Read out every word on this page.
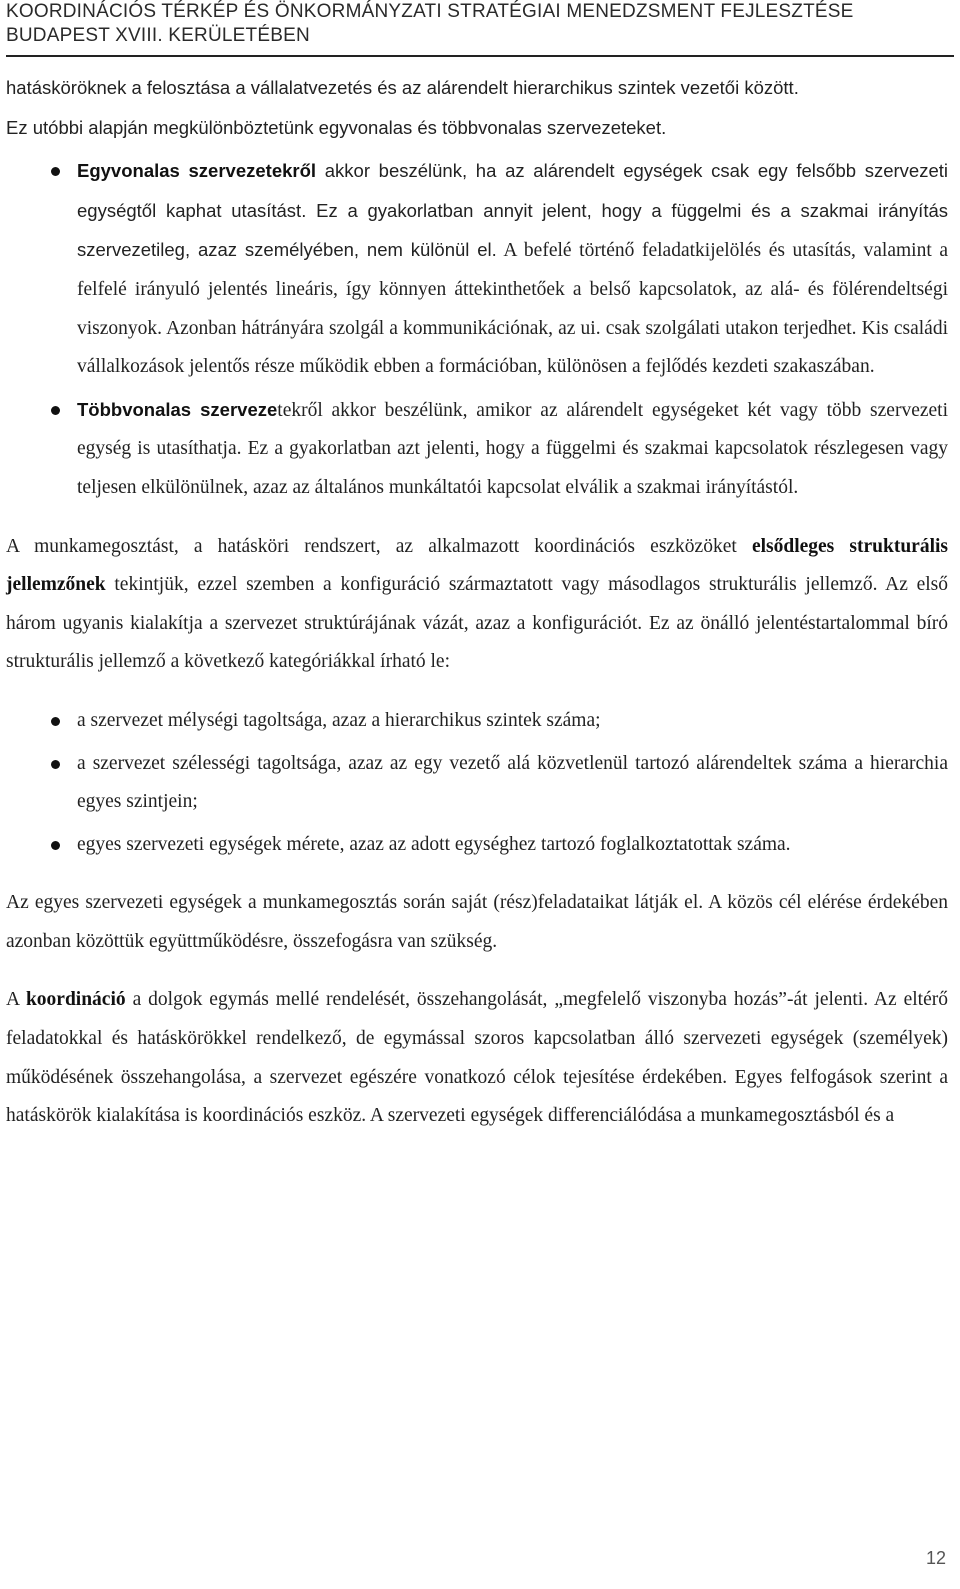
KOORDINÁCIÓS TÉRKÉP ÉS ÖNKORMÁNYZATI STRATÉGIAI MENEDZSMENT FEJLESZTÉSE
BUDAPEST XVIII. KERÜLETÉBEN

hatásköröknek a felosztása a vállalatvezetés és az alárendelt hierarchikus szintek vezetői között.
Ez utóbbi alapján megkülönböztetünk egyvonalas és többvonalas szervezeteket.

Egyvonalas szervezetekről akkor beszélünk, ha az alárendelt egységek csak egy felsőbb szervezeti egységtől kaphat utasítást. Ez a gyakorlatban annyit jelent, hogy a függelmi és a szakmai irányítás szervezetileg, azaz személyében, nem különül el. A befelé történő feladatkijelölés és utasítás, valamint a felfelé irányuló jelentés lineáris, így könnyen áttekinthetőek a belső kapcsolatok, az alá- és fölérendeltségi viszonyok. Azonban hátrányára szolgál a kommunikációnak, az ui. csak szolgálati utakon terjedhet. Kis családi vállalkozások jelentős része működik ebben a formációban, különösen a fejlődés kezdeti szakaszában.

Többvonalas szervezetekről akkor beszélünk, amikor az alárendelt egységeket két vagy több szervezeti egység is utasíthatja. Ez a gyakorlatban azt jelenti, hogy a függelmi és szakmai kapcsolatok részlegesen vagy teljesen elkülönülnek, azaz az általános munkáltatói kapcsolat elválik a szakmai irányítástól.

A munkamegosztást, a hatásköri rendszert, az alkalmazott koordinációs eszközöket elsődleges strukturális jellemzőnek tekintjük, ezzel szemben a konfiguráció származtatott vagy másodlagos strukturális jellemző. Az első három ugyanis kialakítja a szervezet struktúrájának vázát, azaz a konfigurációt. Ez az önálló jelentéstartalommal bíró strukturális jellemző a következő kategóriákkal írható le:

a szervezet mélységi tagoltsága, azaz a hierarchikus szintek száma;

a szervezet szélességi tagoltsága, azaz az egy vezető alá közvetlenül tartozó alárendeltek száma a hierarchia egyes szintjein;

egyes szervezeti egységek mérete, azaz az adott egységhez tartozó foglalkoztatottak száma.

Az egyes szervezeti egységek a munkamegosztás során saját (rész)feladataikat látják el. A közös cél elérése érdekében azonban közöttük együttműködésre, összefogásra van szükség.

A koordináció a dolgok egymás mellé rendelését, összehangolását, „megfelelő viszonyba hozás”-át jelenti. Az eltérő feladatokkal és hatáskörökkel rendelkező, de egymással szoros kapcsolatban álló szervezeti egységek (személyek) működésének összehangolása, a szervezet egészére vonatkozó célok tejesítése érdekében. Egyes felfogások szerint a hatáskörök kialakítása is koordinációs eszköz. A szervezeti egységek differenciálódása a munkamegosztásból és a

12
